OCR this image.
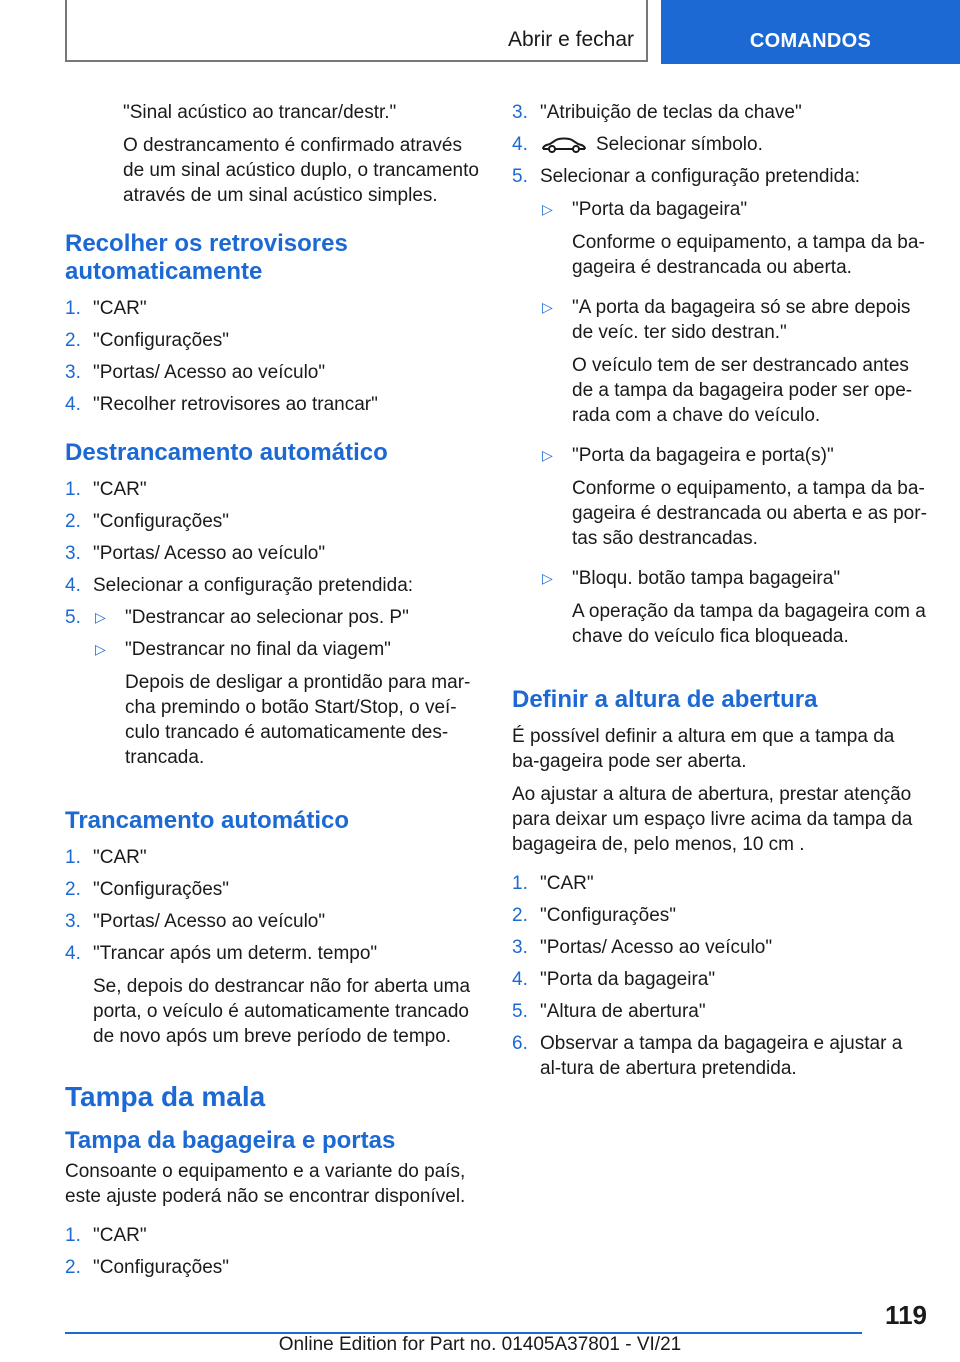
Abrir e fechar	COMANDOS

"Sinal acústico ao trancar/destr."

O destrancamento é confirmado através de um sinal acústico duplo, o trancamento através de um sinal acústico simples.

Recolher os retrovisores automaticamente
1. "CAR"
2. "Configurações"
3. "Portas/ Acesso ao veículo"
4. "Recolher retrovisores ao trancar"
Destrancamento automático
1. "CAR"
2. "Configurações"
3. "Portas/ Acesso ao veículo"
4. Selecionar a configuração pretendida:
5.	▷	"Destrancar ao selecionar pos. P"
▷	"Destrancar no final da viagem"

Depois de desligar a prontidão para mar-cha premindo o botão Start/Stop, o veí-culo trancado é automaticamente des-trancada.

Trancamento automático
1. "CAR"
2. "Configurações"
3. "Portas/ Acesso ao veículo"
4. "Trancar após um determ. tempo"

Se, depois do destrancar não for aberta uma porta, o veículo é automaticamente trancado de novo após um breve período de tempo.

Tampa da mala
Tampa da bagageira e portas

Consoante o equipamento e a variante do país, este ajuste poderá não se encontrar disponível.

1. "CAR"
2. "Configurações"
3. "Atribuição de teclas da chave"
4.	Selecionar símbolo.
5. Selecionar a configuração pretendida:

▷	"Porta da bagageira"

Conforme o equipamento, a tampa da ba-gageira é destrancada ou aberta.

▷	"A porta da bagageira só se abre depois de veíc. ter sido destran."

O veículo tem de ser destrancado antes de a tampa da bagageira poder ser ope-rada com a chave do veículo.

▷	"Porta da bagageira e porta(s)"

Conforme o equipamento, a tampa da ba-gageira é destrancada ou aberta e as por-tas são destrancadas.

▷	"Bloqu. botão tampa bagageira"

A operação da tampa da bagageira com a chave do veículo fica bloqueada.

Definir a altura de abertura

É possível definir a altura em que a tampa da ba-gageira pode ser aberta.

Ao ajustar a altura de abertura, prestar atenção para deixar um espaço livre acima da tampa da bagageira de, pelo menos, 10 cm .

1. "CAR"
2. "Configurações"
3. "Portas/ Acesso ao veículo"
4. "Porta da bagageira"
5. "Altura de abertura"
6. Observar a tampa da bagageira e ajustar a al-tura de abertura pretendida.
119
Online Edition for Part no. 01405A37801 - VI/21
